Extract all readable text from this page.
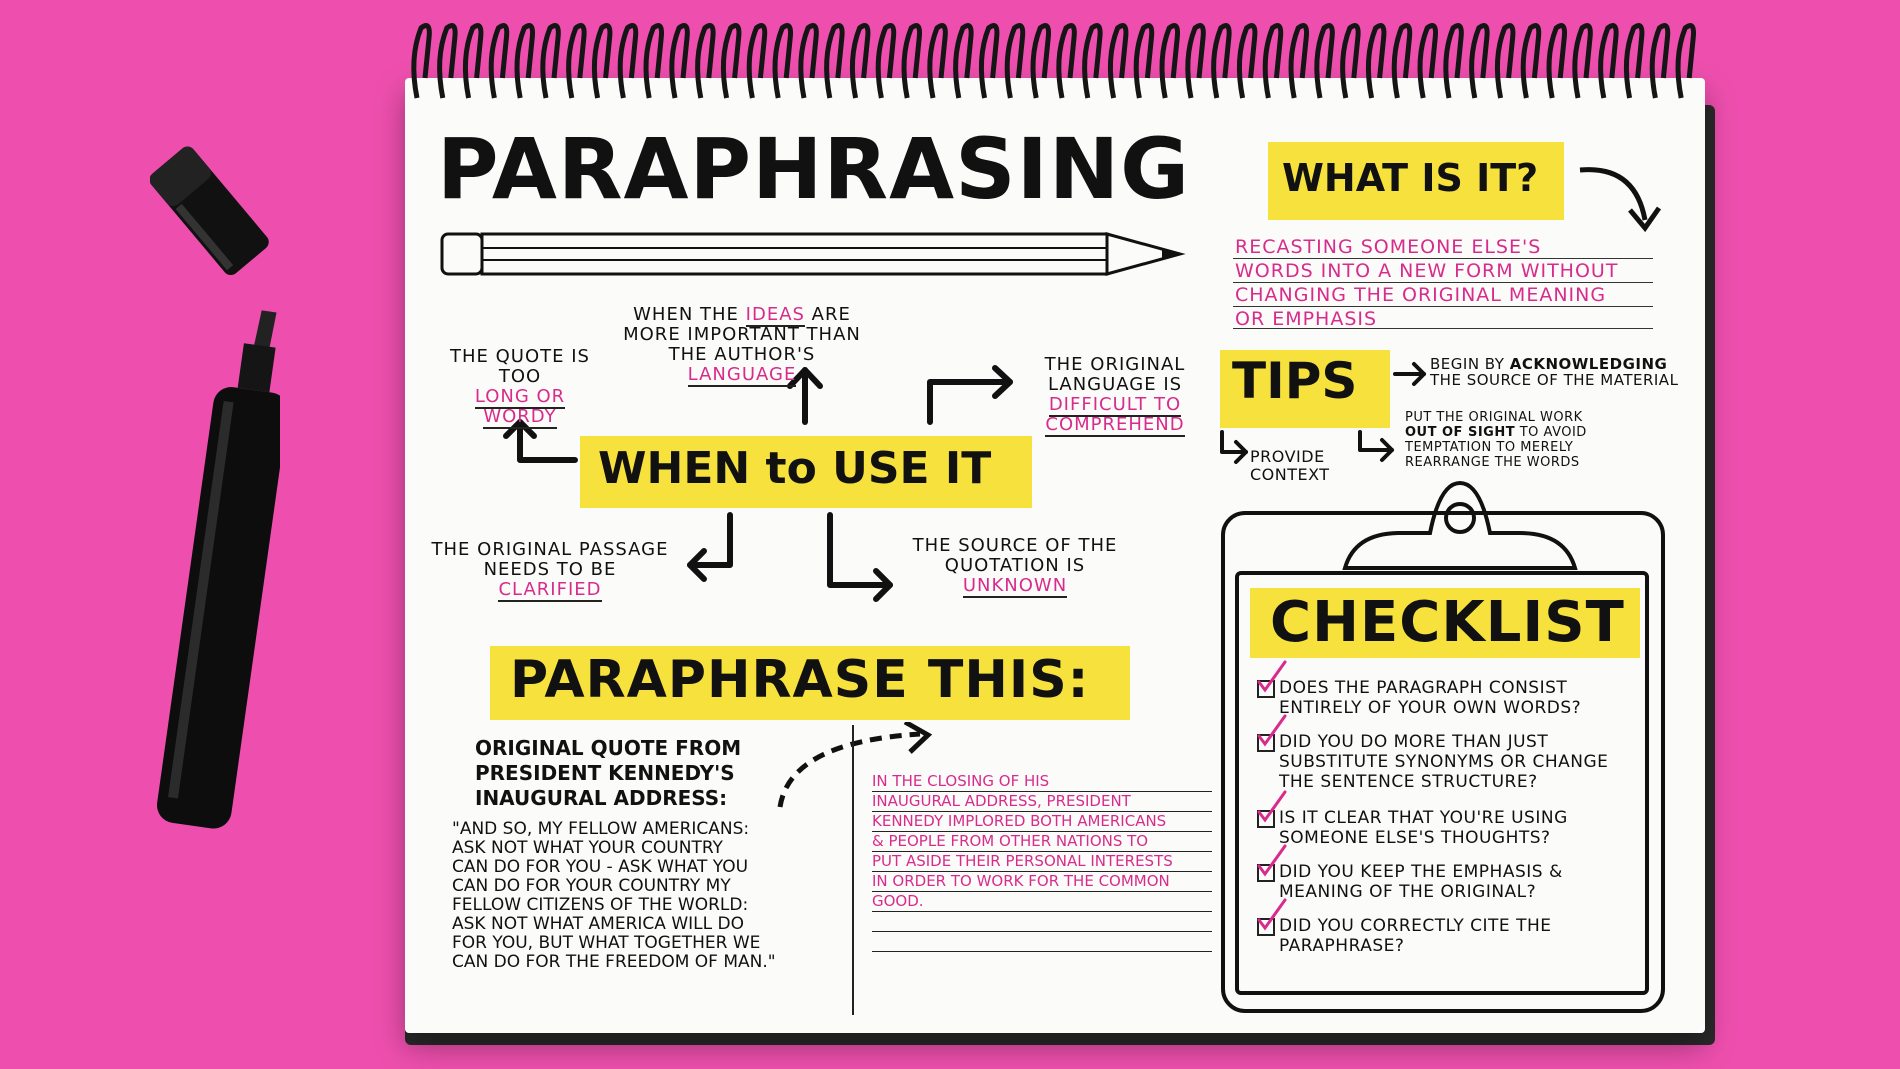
PARAPHRASING WHAT IS IT?
RECASTING SOMEONE ELSE'S
WORDS INTO A NEW FORM WITHOUT
CHANGING THE ORIGINAL MEANING
OR EMPHASIS
WHEN to USE IT
WHEN THE IDEAS ARE MORE IMPORTANT THAN THE AUTHOR'S LANGUAGE
THE QUOTE IS TOO
LONG OR WORDY
THE ORIGINAL LANGUAGE IS
DIFFICULT TO COMPREHEND
THE ORIGINAL PASSAGE NEEDS TO BE
CLARIFIED
THE SOURCE OF THE QUOTATION IS
UNKNOWN
TIPS	BEGIN BY ACKNOWLEDGING
THE SOURCE OF THE MATERIAL
PUT THE ORIGINAL WORK
OUT OF SIGHT TO AVOID TEMPTATION TO MERELY REARRANGE THE WORDS
PROVIDE CONTEXT
CHECKLIST
DOES THE PARAGRAPH CONSIST ENTIRELY OF YOUR OWN WORDS?
DID YOU DO MORE THAN JUST SUBSTITUTE SYNONYMS OR CHANGE THE SENTENCE STRUCTURE?
IS IT CLEAR THAT YOU'RE USING SOMEONE ELSE'S THOUGHTS?
DID YOU KEEP THE EMPHASIS & MEANING OF THE ORIGINAL?
DID YOU CORRECTLY CITE THE PARAPHRASE?
PARAPHRASE THIS:
ORIGINAL QUOTE FROM PRESIDENT KENNEDY'S INAUGURAL ADDRESS:
"AND SO, MY FELLOW AMERICANS:
ASK NOT WHAT YOUR COUNTRY
CAN DO FOR YOU - ASK WHAT YOU
CAN DO FOR YOUR COUNTRY MY
FELLOW CITIZENS OF THE WORLD:
ASK NOT WHAT AMERICA WILL DO
FOR YOU, BUT WHAT TOGETHER WE
CAN DO FOR THE FREEDOM OF MAN."
IN THE CLOSING OF HIS
INAUGURAL ADDRESS, PRESIDENT
KENNEDY IMPLORED BOTH AMERICANS
& PEOPLE FROM OTHER NATIONS TO
PUT ASIDE THEIR PERSONAL INTERESTS
IN ORDER TO WORK FOR THE COMMON
GOOD.
